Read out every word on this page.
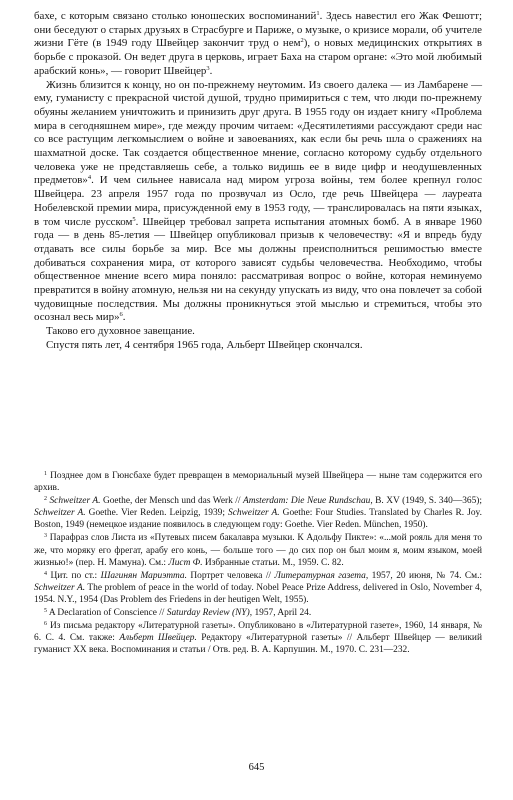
бахе, с которым связано столько юношеских воспоминаний$^1$. Здесь навестил его Жак Фешотт; они беседуют о старых друзьях в Страсбурге и Париже, о музыке, о кризисе морали, об учителе жизни Гёте (в 1949 году Швейцер закончит труд о нем$^2$), о новых медицинских открытиях в борьбе с проказой. Он ведет друга в церковь, играет Баха на старом органе: «Это мой любимый арабский конь», — говорит Швейцер$^3$.

Жизнь близится к концу, но он по-прежнему неутомим. Из своего далека — из Ламбарене — ему, гуманисту с прекрасной чистой душой, трудно примириться с тем, что люди по-прежнему обуяны желанием уничтожить и принизить друг друга. В 1955 году он издает книгу «Проблема мира в сегодняшнем мире», где между прочим читаем: «Десятилетиями рассуждают среди нас со все растущим легкомыслием о войне и завоеваниях, как если бы речь шла о сражениях на шахматной доске. Так создается общественное мнение, согласно которому судьбу отдельного человека уже не представляешь себе, а только видишь ее в виде цифр и неодушевленных предметов»$^4$. И чем сильнее нависала над миром угроза войны, тем более крепнул голос Швейцера. 23 апреля 1957 года по прозвучал из Осло, где речь Швейцера — лауреата Нобелевской премии мира, присужденной ему в 1953 году, — транслировалась на пяти языках, в том числе русском$^5$. Швейцер требовал запрета испытания атомных бомб. А в январе 1960 года — в день 85-летия — Швейцер опубликовал призыв к человечеству: «Я и впредь буду отдавать все силы борьбе за мир. Все мы должны преисполниться решимостью вместе добиваться сохранения мира, от которого зависят судьбы человечества. Необходимо, чтобы общественное мнение всего мира поняло: рассматривая вопрос о войне, которая неминуемо превратится в войну атомную, нельзя ни на секунду упускать из виду, что она повлечет за собой чудовищные последствия. Мы должны проникнуться этой мыслью и стремиться, чтобы это осознал весь мир»$^6$.

Таково его духовное завещание.

Спустя пять лет, 4 сентября 1965 года, Альберт Швейцер скончался.

$^1$ Позднее дом в Гюнсбахе будет превращен в мемориальный музей Швейцера — ныне там содержится его архив.

$^2$ Schweitzer A. Goethe, der Mensch und das Werk // Amsterdam: Die Neue Rundschau, B. XV (1949, S. 340—365); Schweitzer A. Goethe. Vier Reden. Leipzig, 1939; Schweitzer A. Goethe: Four Studies. Translated by Charles R. Joy. Boston, 1949 (немецкое издание появилось в следующем году: Goethe. Vier Reden. München, 1950).

$^3$ Парафраз слов Листа из «Путевых писем бакалавра музыки. К Адольфу Пикте»: «...мой рояль для меня то же, что моряку его фрегат, арабу его конь, — больше того — до сих пор он был моим я, моим языком, моей жизнью!» (пер. Н. Мамуна). См.: Лист Ф. Избранные статьи. М., 1959. С. 82.

$^4$ Цит. по ст.: Шагинян Мариэтта. Портрет человека // Литературная газета, 1957, 20 июня, № 74. См.: Schweitzer A. The problem of peace in the world of today. Nobel Peace Prize Address, delivered in Oslo, November 4, 1954. N.Y., 1954 (Das Problem des Friedens in der heutigen Welt, 1955).

$^5$ A Declaration of Conscience // Saturday Review (NY), 1957, April 24.

$^6$ Из письма редактору «Литературной газеты». Опубликовано в «Литературной газете», 1960, 14 января, № 6. С. 4. См. также: Альберт Швейцер. Редактору «Литературной газеты» // Альберт Швейцер — великий гуманист XX века. Воспоминания и статьи / Отв. ред. В. А. Карпушин. М., 1970. С. 231—232.

645
